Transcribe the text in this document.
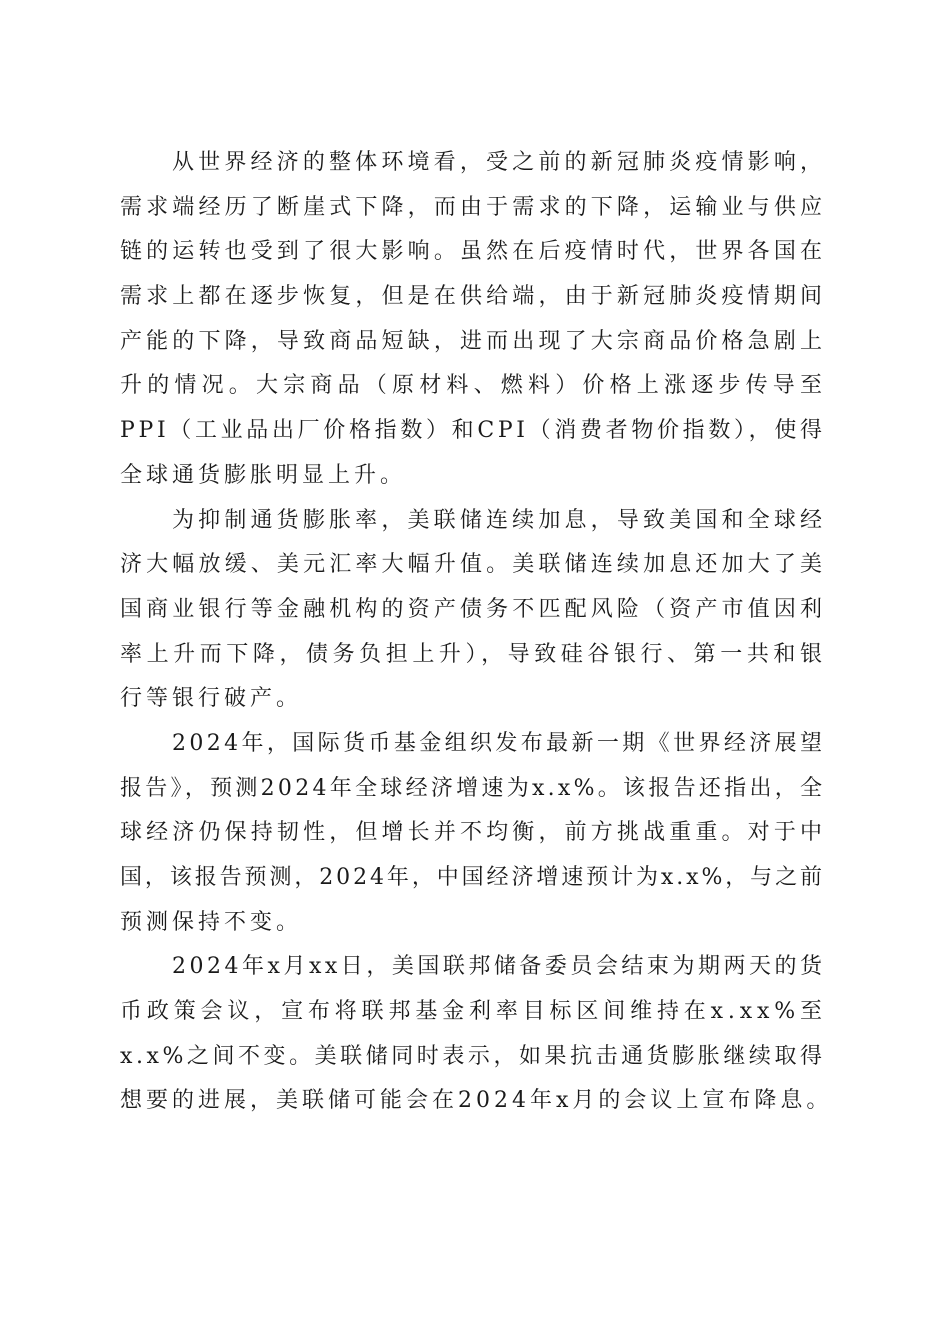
从世界经济的整体环境看，受之前的新冠肺炎疫情影响，
需求端经历了断崖式下降，而由于需求的下降，运输业与供应
链的运转也受到了很大影响。虽然在后疫情时代，世界各国在
需求上都在逐步恢复，但是在供给端，由于新冠肺炎疫情期间
产能的下降，导致商品短缺，进而出现了大宗商品价格急剧上
升的情况。大宗商品（原材料、燃料）价格上涨逐步传导至
PPI（工业品出厂价格指数）和CPI（消费者物价指数），使得
全球通货膨胀明显上升。
为抑制通货膨胀率，美联储连续加息，导致美国和全球经
济大幅放缓、美元汇率大幅升值。美联储连续加息还加大了美
国商业银行等金融机构的资产债务不匹配风险（资产市值因利
率上升而下降，债务负担上升），导致硅谷银行、第一共和银
行等银行破产。
2024年，国际货币基金组织发布最新一期《世界经济展望
报告》，预测2024年全球经济增速为x.x%。该报告还指出，全
球经济仍保持韧性，但增长并不均衡，前方挑战重重。对于中
国，该报告预测，2024年，中国经济增速预计为x.x%，与之前
预测保持不变。
2024年x月xx日，美国联邦储备委员会结束为期两天的货
币政策会议，宣布将联邦基金利率目标区间维持在x.xx%至
x.x%之间不变。美联储同时表示，如果抗击通货膨胀继续取得
想要的进展，美联储可能会在2024年x月的会议上宣布降息。
